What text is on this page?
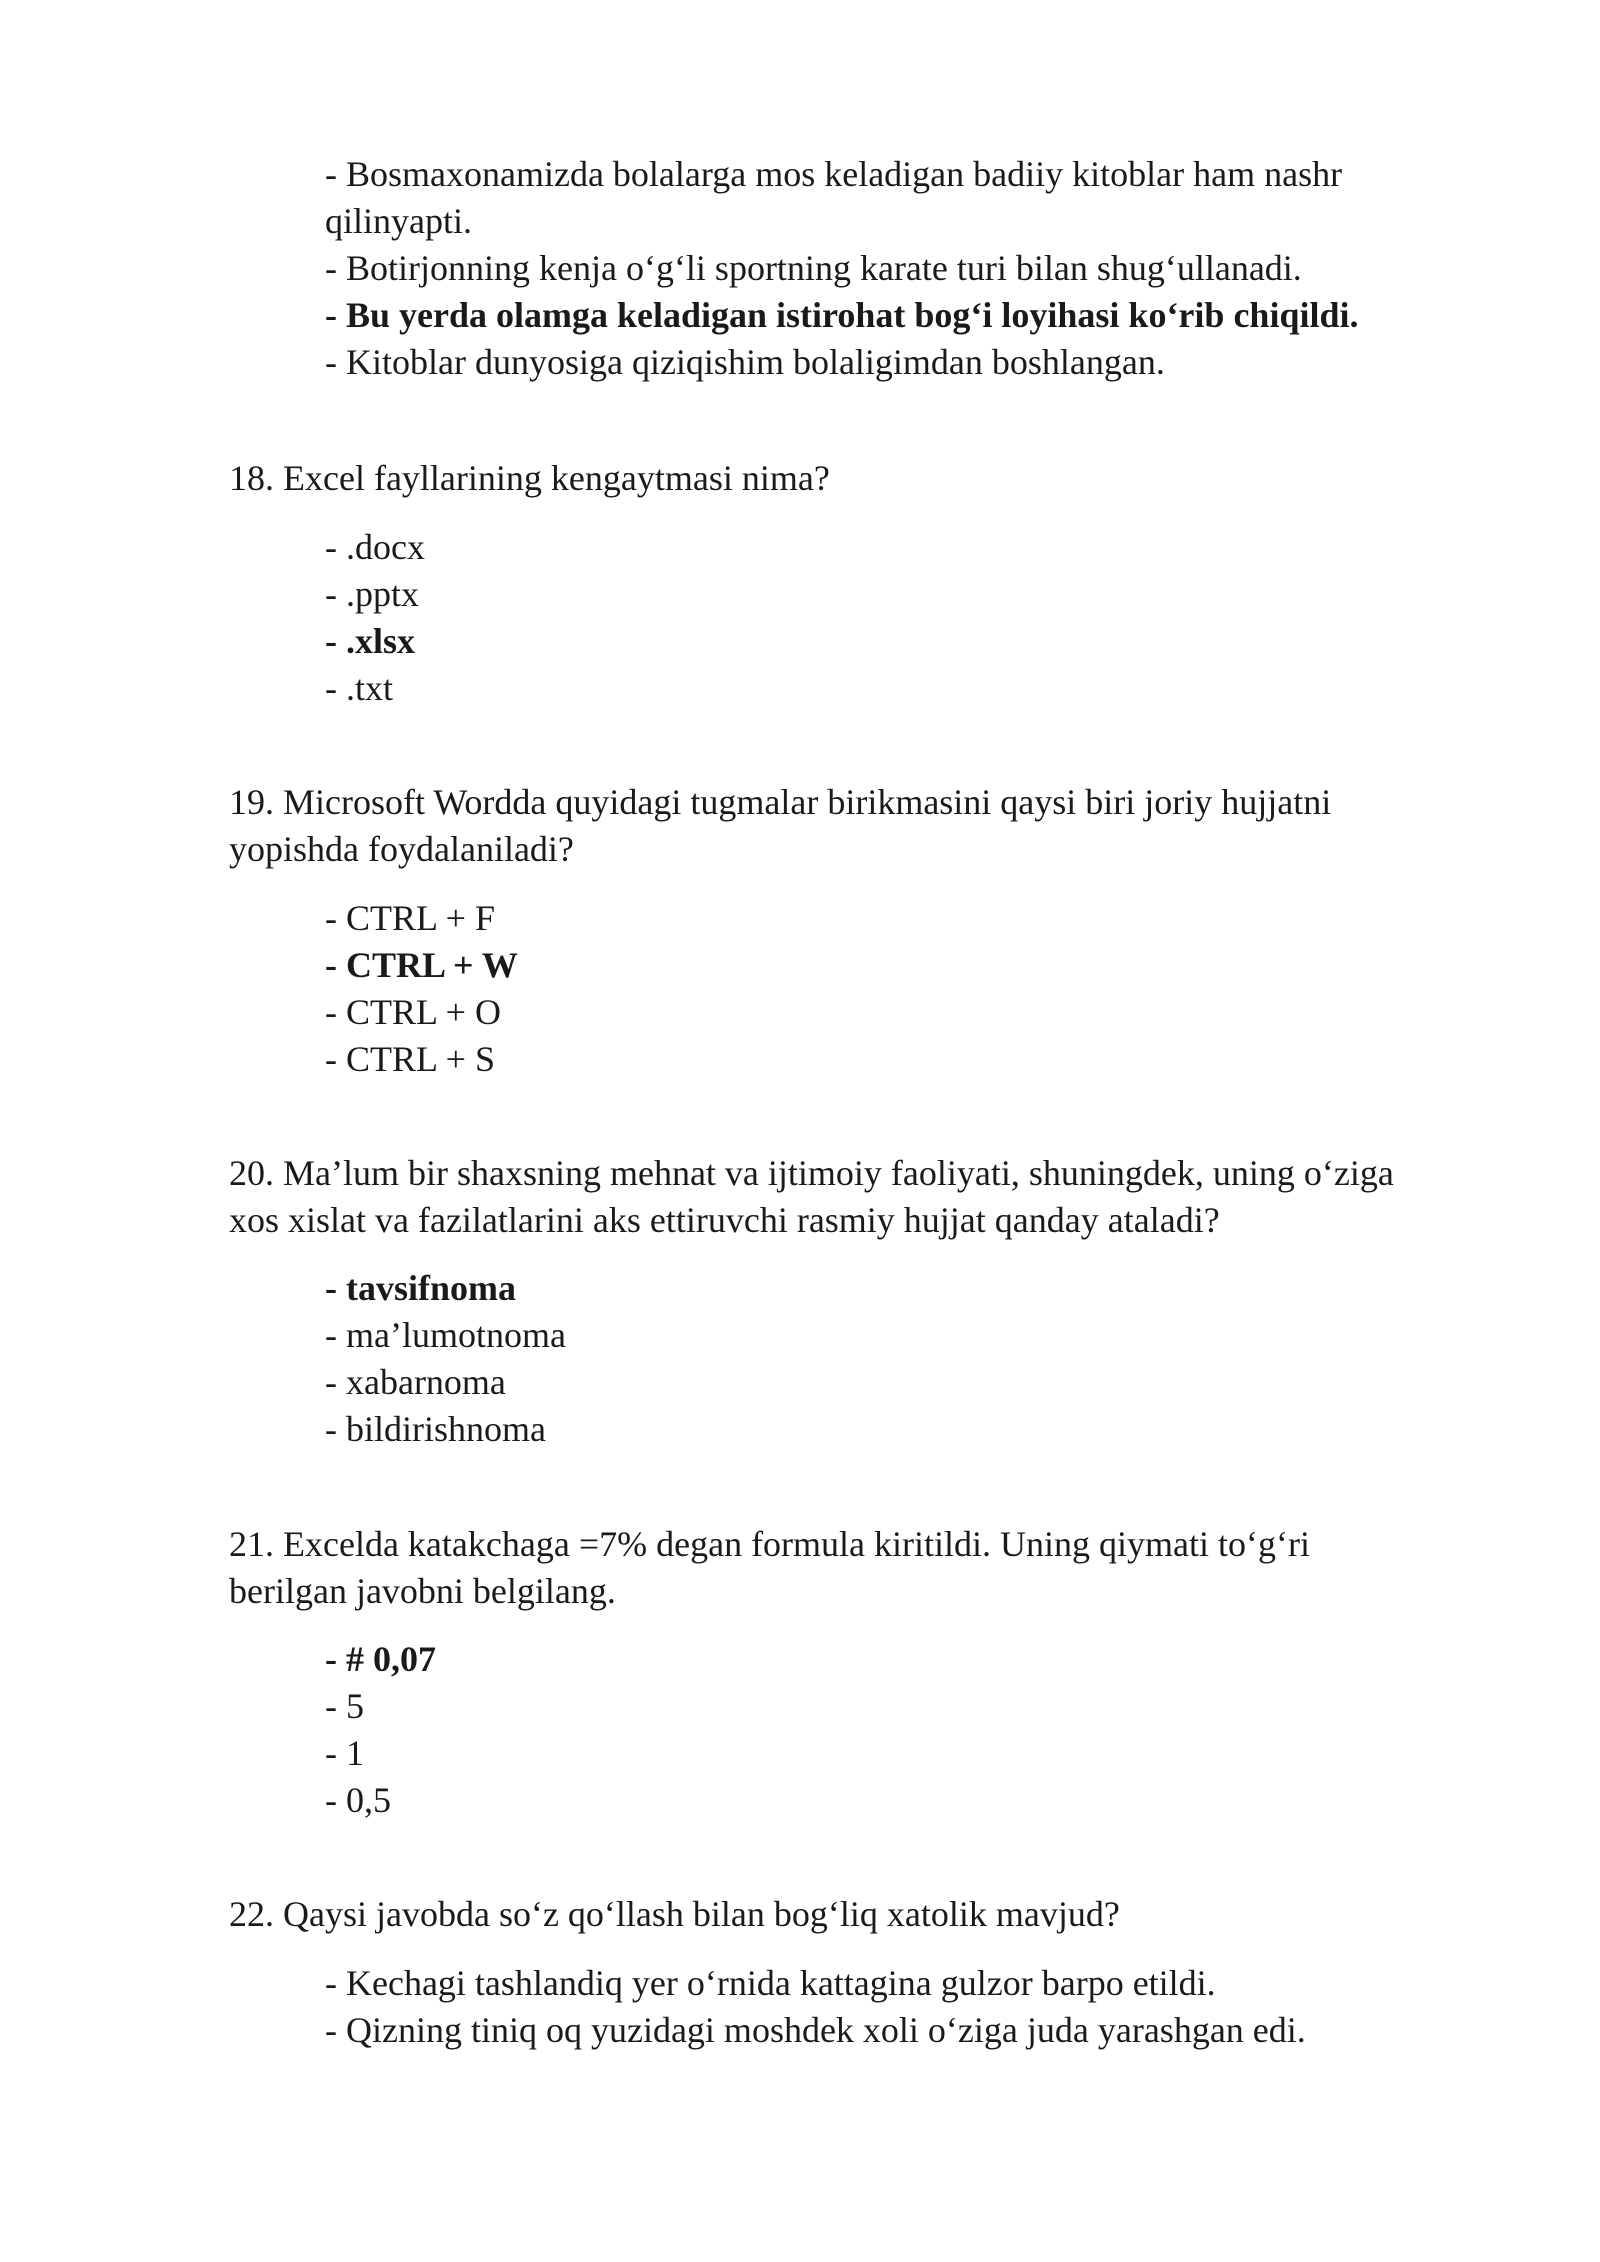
- Bosmaxonamizda bolalarga mos keladigan badiiy kitoblar ham nashr
qilinyapti.
- Botirjonning kenja o‘g‘li sportning karate turi bilan shug‘ullanadi.
- Bu yerda olamga keladigan istirohat bog‘i loyihasi ko‘rib chiqildi.
- Kitoblar dunyosiga qiziqishim bolaligimdan boshlangan.

18. Excel fayllarining kengaytmasi nima?

- .docx
- .pptx
- .xlsx
- .txt
19. Microsoft Wordda quyidagi tugmalar birikmasini qaysi biri joriy hujjatni
yopishda foydalaniladi?
- CTRL + F
- CTRL + W
- CTRL + O
- CTRL + S
20. Ma’lum bir shaxsning mehnat va ijtimoiy faoliyati, shuningdek, uning o‘ziga
xos xislat va fazilatlarini aks ettiruvchi rasmiy hujjat qanday ataladi?
- tavsifnoma
- ma’lumotnoma
- xabarnoma
- bildirishnoma
21. Excelda katakchaga =7% degan formula kiritildi. Uning qiymati to‘g‘ri
berilgan javobni belgilang.
- # 0,07
- 5
- 1
- 0,5

22. Qaysi javobda so‘z qo‘llash bilan bog‘liq xatolik mavjud?

- Kechagi tashlandiq yer o‘rnida kattagina gulzor barpo etildi.
- Qizning tiniq oq yuzidagi moshdek xoli o‘ziga juda yarashgan edi.
